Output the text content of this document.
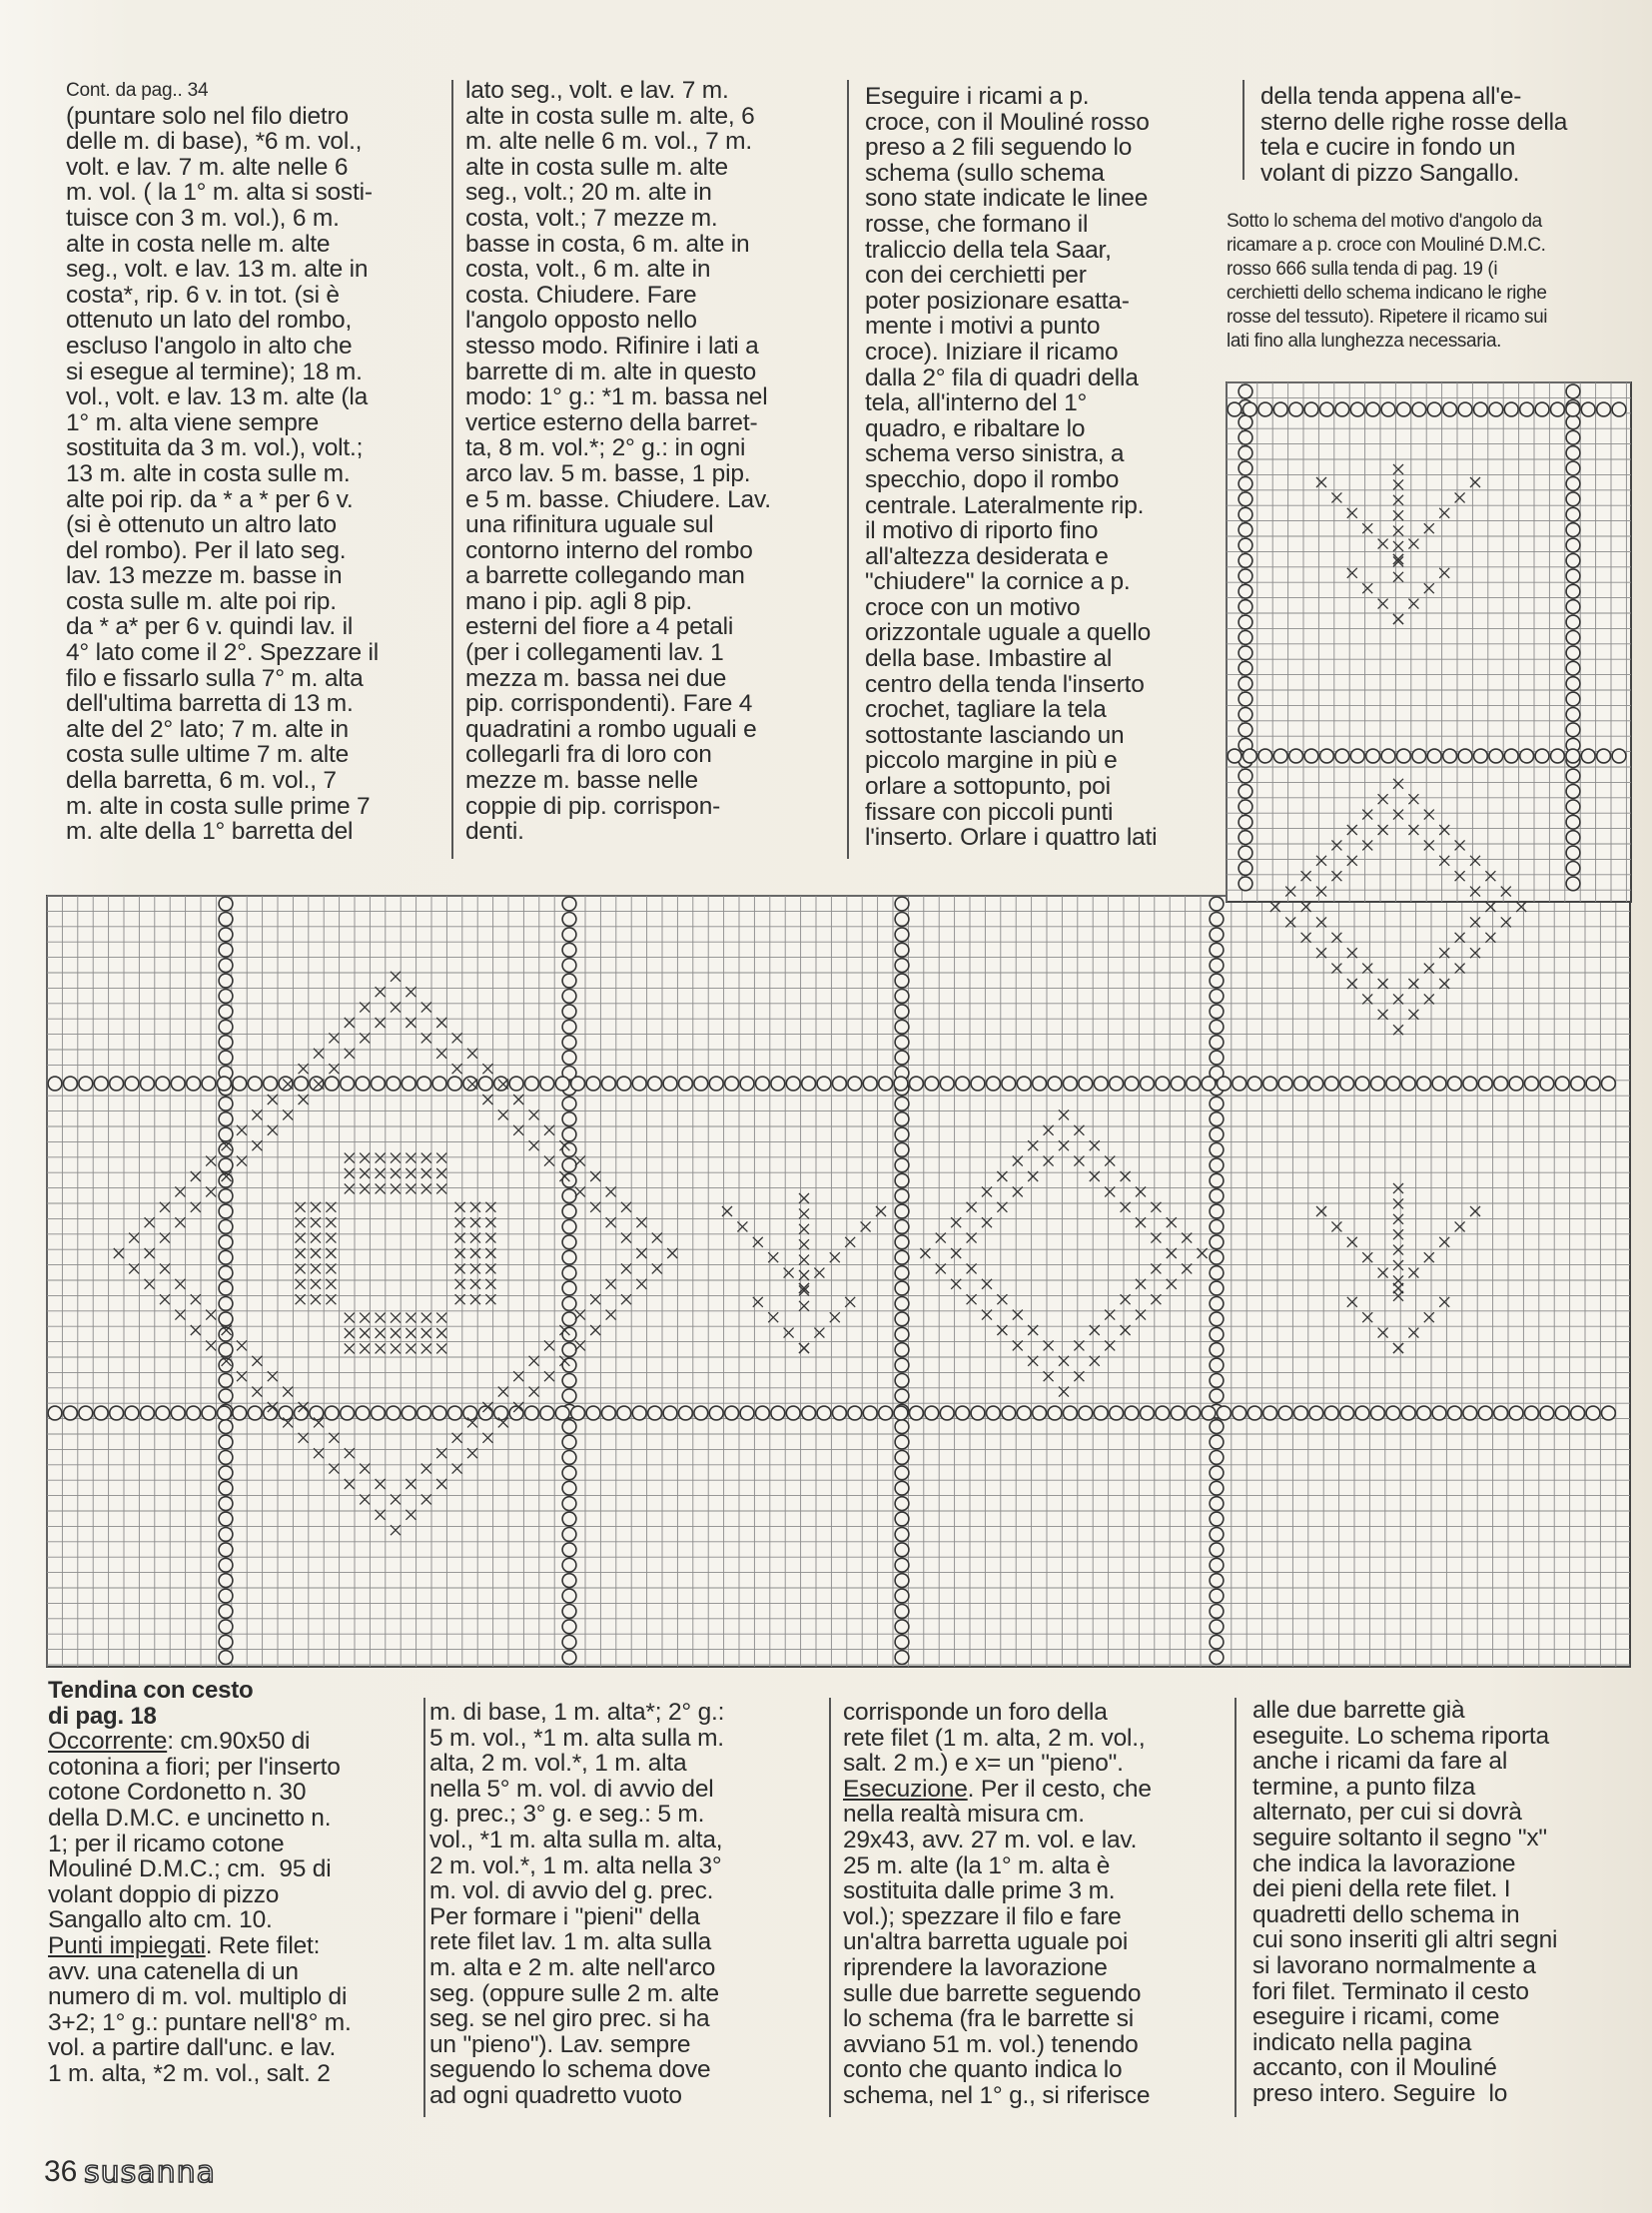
Cont. da pag.. 34

(puntare solo nel filo dietro

delle m. di base), *6 m. vol.,

volt. e lav. 7 m. alte nelle 6

m. vol. ( la 1° m. alta si sosti-

tuisce con 3 m. vol.), 6 m.

alte in costa nelle m. alte

seg., volt. e lav. 13 m. alte in

costa*, rip. 6 v. in tot. (si è

ottenuto un lato del rombo,

escluso l'angolo in alto che

si esegue al termine); 18 m.

vol., volt. e lav. 13 m. alte (la

1° m. alta viene sempre

sostituita da 3 m. vol.), volt.;

13 m. alte in costa sulle m.

alte poi rip. da * a * per 6 v.

(si è ottenuto un altro lato

del rombo). Per il lato seg.

lav. 13 mezze m. basse in

costa sulle m. alte poi rip.

da * a* per 6 v. quindi lav. il

4° lato come il 2°. Spezzare il

filo e fissarlo sulla 7° m. alta

dell'ultima barretta di 13 m.

alte del 2° lato; 7 m. alte in

costa sulle ultime 7 m. alte

della barretta, 6 m. vol., 7

m. alte in costa sulle prime 7

m. alte della 1° barretta del

lato seg., volt. e lav. 7 m.

alte in costa sulle m. alte, 6

m. alte nelle 6 m. vol., 7 m.

alte in costa sulle m. alte

seg., volt.; 20 m. alte in

costa, volt.; 7 mezze m.

basse in costa, 6 m. alte in

costa, volt., 6 m. alte in

costa. Chiudere. Fare

l'angolo opposto nello

stesso modo. Rifinire i lati a

barrette di m. alte in questo

modo: 1° g.: *1 m. bassa nel

vertice esterno della barret-

ta, 8 m. vol.*; 2° g.: in ogni

arco lav. 5 m. basse, 1 pip.

e 5 m. basse. Chiudere. Lav.

una rifinitura uguale sul

contorno interno del rombo

a barrette collegando man

mano i pip. agli 8 pip.

esterni del fiore a 4 petali

(per i collegamenti lav. 1

mezza m. bassa nei due

pip. corrispondenti). Fare 4

quadratini a rombo uguali e

collegarli fra di loro con

mezze m. basse nelle

coppie di pip. corrispon-

denti.

Eseguire i ricami a p.

croce, con il Mouliné rosso

preso a 2 fili seguendo lo

schema (sullo schema

sono state indicate le linee

rosse, che formano il

traliccio della tela Saar,

con dei cerchietti per

poter posizionare esatta-

mente i motivi a punto

croce). Iniziare il ricamo

dalla 2° fila di quadri della

tela, all'interno del 1°

quadro, e ribaltare lo

schema verso sinistra, a

specchio, dopo il rombo

centrale. Lateralmente rip.

il motivo di riporto fino

all'altezza desiderata e

"chiudere" la cornice a p.

croce con un motivo

orizzontale uguale a quello

della base. Imbastire al

centro della tenda l'inserto

crochet, tagliare la tela

sottostante lasciando un

piccolo margine in più e

orlare a sottopunto, poi

fissare con piccoli punti

l'inserto. Orlare i quattro lati

della tenda appena all'e-

sterno delle righe rosse della

tela e cucire in fondo un

volant di pizzo Sangallo.

Sotto lo schema del motivo d'angolo da

ricamare a p. croce con Mouliné D.M.C.

rosso 666 sulla tenda di pag. 19 (i

cerchietti dello schema indicano le righe

rosse del tessuto). Ripetere il ricamo sui

lati fino alla lunghezza necessaria.

Tendina con cesto

di pag. 18

Occorrente: cm.90x50 di

cotonina a fiori; per l'inserto

cotone Cordonetto n. 30

della D.M.C. e uncinetto n.

1; per il ricamo cotone

Mouliné D.M.C.; cm.  95 di

volant doppio di pizzo

Sangallo alto cm. 10.

Punti impiegati. Rete filet:

avv. una catenella di un

numero di m. vol. multiplo di

3+2; 1° g.: puntare nell'8° m.

vol. a partire dall'unc. e lav.

1 m. alta, *2 m. vol., salt. 2

m. di base, 1 m. alta*; 2° g.:

5 m. vol., *1 m. alta sulla m.

alta, 2 m. vol.*, 1 m. alta

nella 5° m. vol. di avvio del

g. prec.; 3° g. e seg.: 5 m.

vol., *1 m. alta sulla m. alta,

2 m. vol.*, 1 m. alta nella 3°

m. vol. di avvio del g. prec.

Per formare i "pieni" della

rete filet lav. 1 m. alta sulla

m. alta e 2 m. alte nell'arco

seg. (oppure sulle 2 m. alte

seg. se nel giro prec. si ha

un "pieno"). Lav. sempre

seguendo lo schema dove

ad ogni quadretto vuoto

corrisponde un foro della

rete filet (1 m. alta, 2 m. vol.,

salt. 2 m.) e x= un "pieno".

Esecuzione. Per il cesto, che

nella realtà misura cm.

29x43, avv. 27 m. vol. e lav.

25 m. alte (la 1° m. alta è

sostituita dalle prime 3 m.

vol.); spezzare il filo e fare

un'altra barretta uguale poi

riprendere la lavorazione

sulle due barrette seguendo

lo schema (fra le barrette si

avviano 51 m. vol.) tenendo

conto che quanto indica lo

schema, nel 1° g., si riferisce

alle due barrette già

eseguite. Lo schema riporta

anche i ricami da fare al

termine, a punto filza

alternato, per cui si dovrà

seguire soltanto il segno "x"

che indica la lavorazione

dei pieni della rete filet. I

quadretti dello schema in

cui sono inseriti gli altri segni

si lavorano normalmente a

fori filet. Terminato il cesto

eseguire i ricami, come

indicato nella pagina

accanto, con il Mouliné

preso intero. Seguire  lo

36 susanna
